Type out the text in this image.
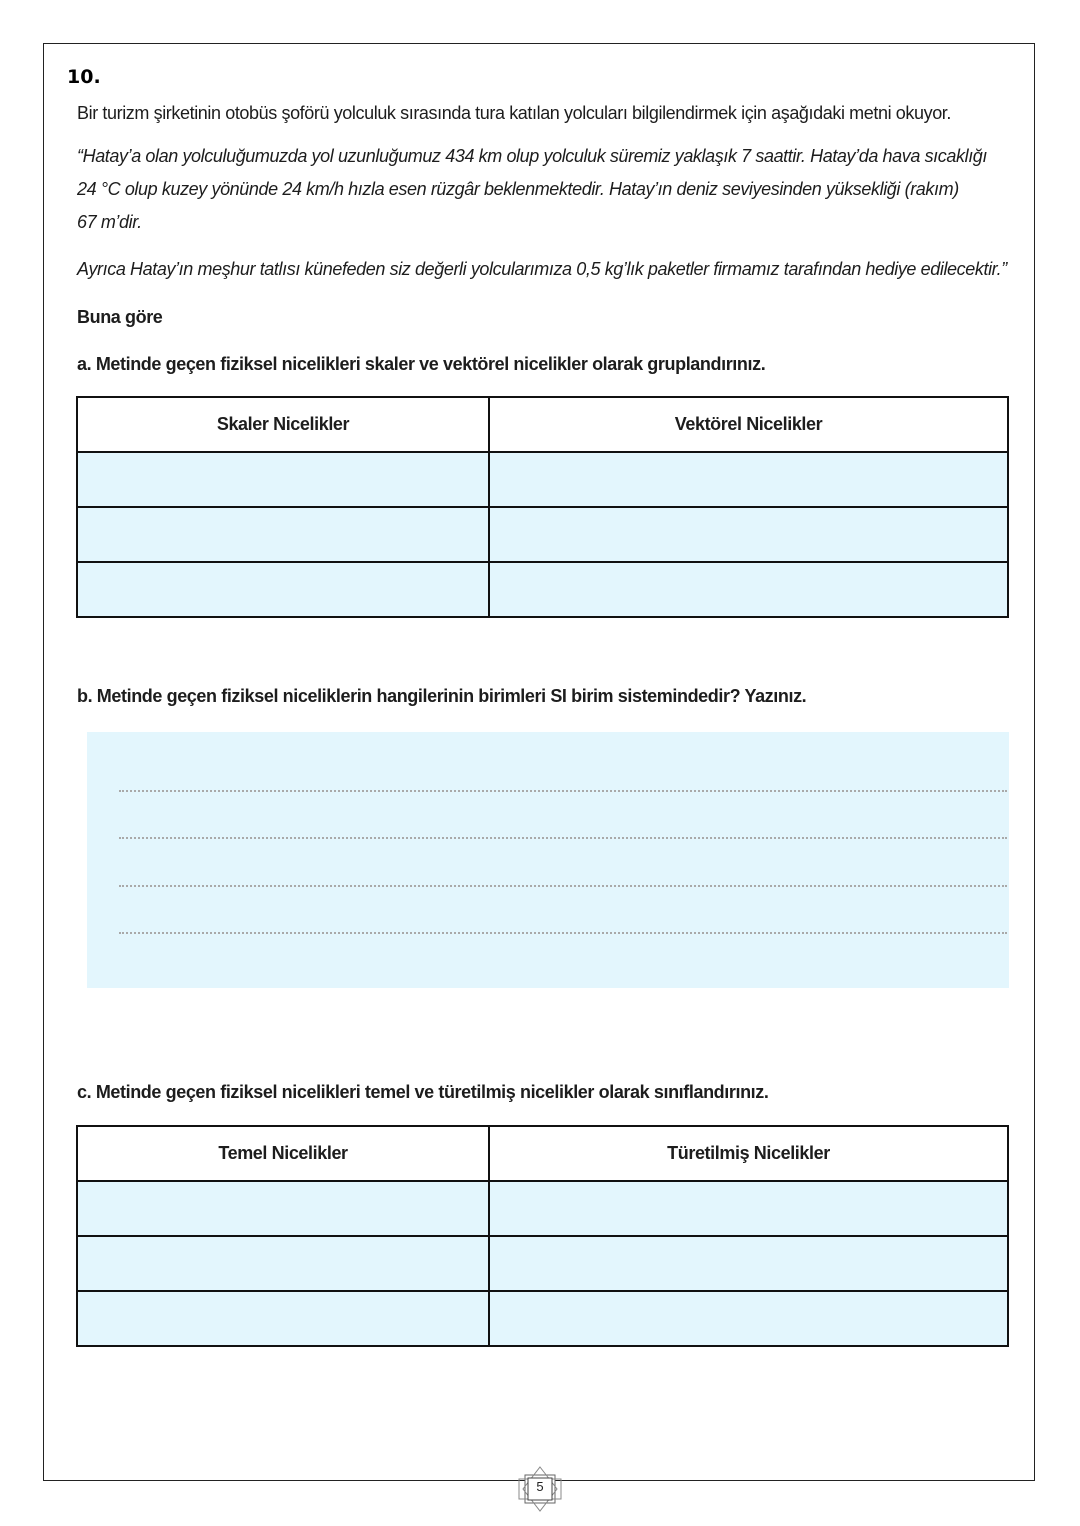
10.
Bir turizm şirketinin otobüs şoförü yolculuk sırasında tura katılan yolcuları bilgilendirmek için aşağıdaki metni okuyor.
“Hatay’a olan yolculuğumuzda yol uzunluğumuz 434 km olup yolculuk süremiz yaklaşık 7 saattir. Hatay’da hava sıcaklığı
24 °C olup kuzey yönünde 24 km/h hızla esen rüzgâr beklenmektedir. Hatay’ın deniz seviyesinden yüksekliği (rakım)
67 m’dir.
Ayrıca Hatay’ın meşhur tatlısı künefeden siz değerli yolcularımıza 0,5 kg’lık paketler firmamız tarafından hediye edilecektir.”
Buna göre
a. Metinde geçen fiziksel nicelikleri skaler ve vektörel nicelikler olarak gruplandırınız.
Skaler Nicelikler	Vektörel Nicelikler

b. Metinde geçen fiziksel niceliklerin hangilerinin birimleri SI birim sistemindedir? Yazınız.
c. Metinde geçen fiziksel nicelikleri temel ve türetilmiş nicelikler olarak sınıflandırınız.
Temel Nicelikler	Türetilmiş Nicelikler

5
